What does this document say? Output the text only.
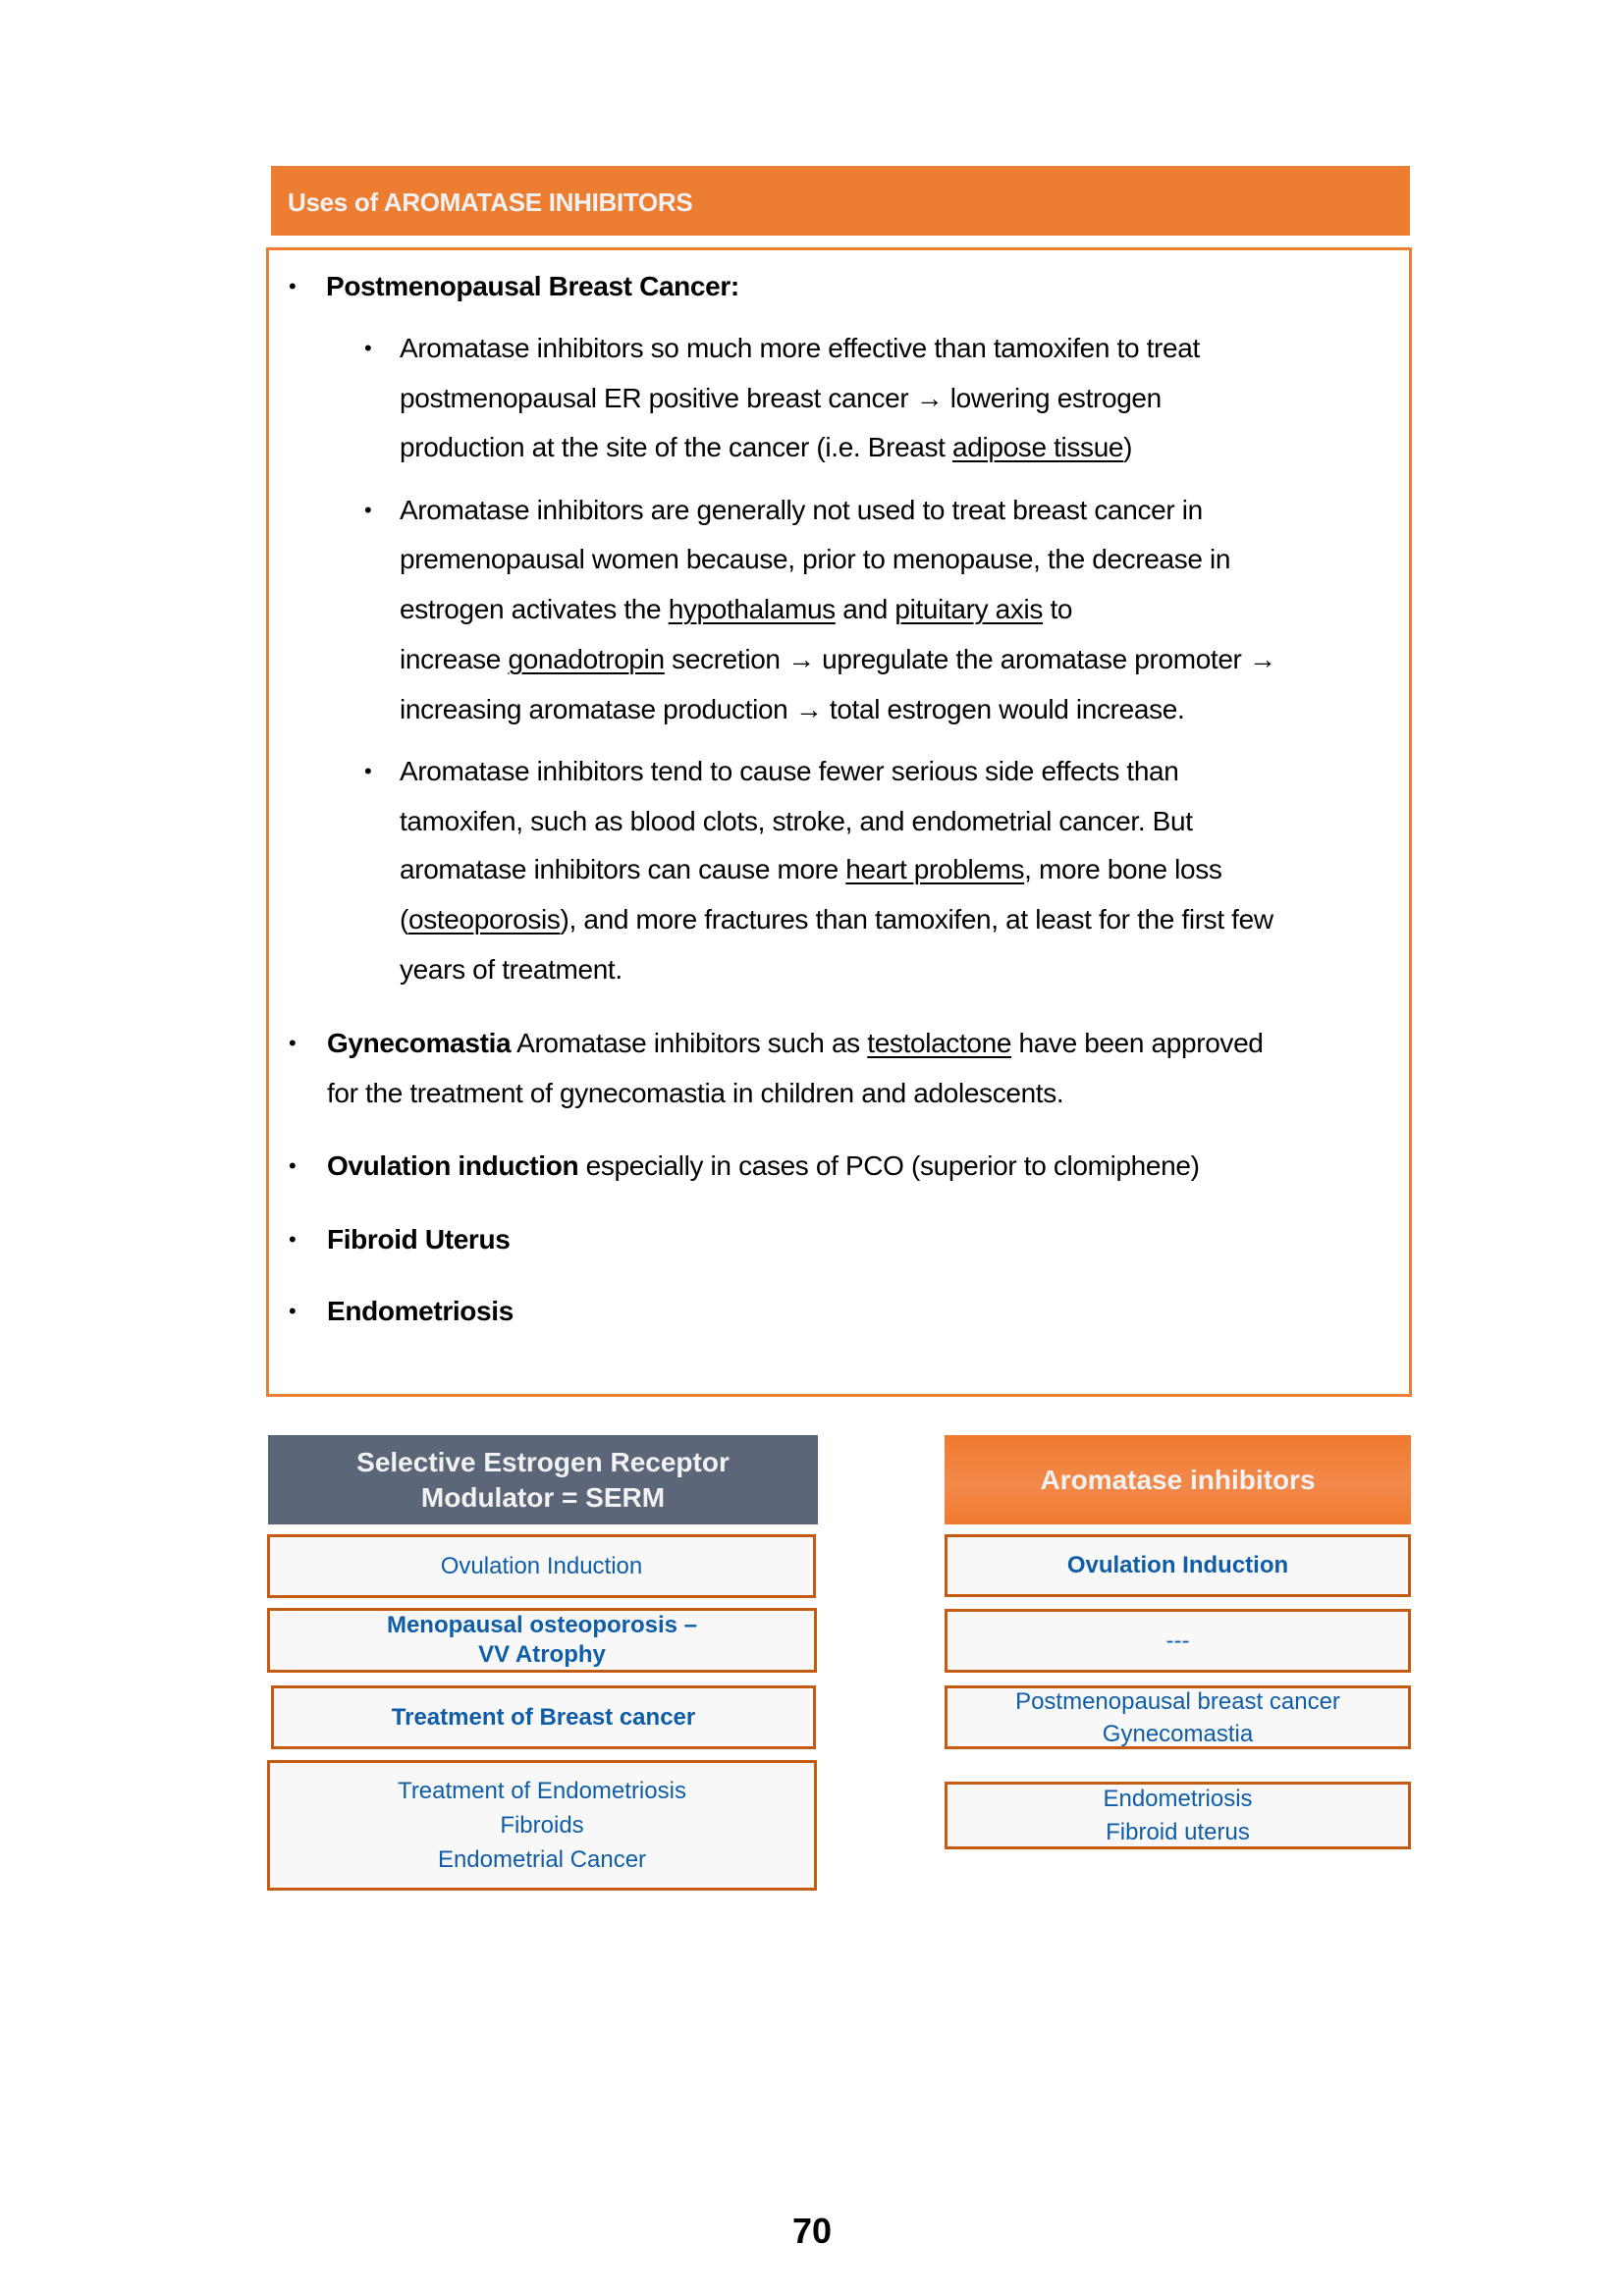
Uses of AROMATASE INHIBITORS
• Postmenopausal Breast Cancer:
• Aromatase inhibitors so much more effective than tamoxifen to treat
postmenopausal ER positive breast cancer → lowering estrogen
production at the site of the cancer (i.e. Breast adipose tissue)
• Aromatase inhibitors are generally not used to treat breast cancer in
premenopausal women because, prior to menopause, the decrease in
estrogen activates the hypothalamus and pituitary axis to
increase gonadotropin secretion → upregulate the aromatase promoter →
increasing aromatase production → total estrogen would increase.
• Aromatase inhibitors tend to cause fewer serious side effects than
tamoxifen, such as blood clots, stroke, and endometrial cancer. But
aromatase inhibitors can cause more heart problems, more bone loss
(osteoporosis), and more fractures than tamoxifen, at least for the first few
years of treatment.
• Gynecomastia Aromatase inhibitors such as testolactone have been approved
for the treatment of gynecomastia in children and adolescents.
• Ovulation induction especially in cases of PCO (superior to clomiphene)
• Fibroid Uterus
• Endometriosis
Selective Estrogen Receptor
Modulator = SERM
Ovulation Induction
Menopausal osteoporosis –
VV Atrophy
Treatment of Breast cancer
Treatment of Endometriosis
Fibroids
Endometrial Cancer
Aromatase inhibitors
Ovulation Induction
---
Postmenopausal breast cancer
Gynecomastia
Endometriosis
Fibroid uterus
70
